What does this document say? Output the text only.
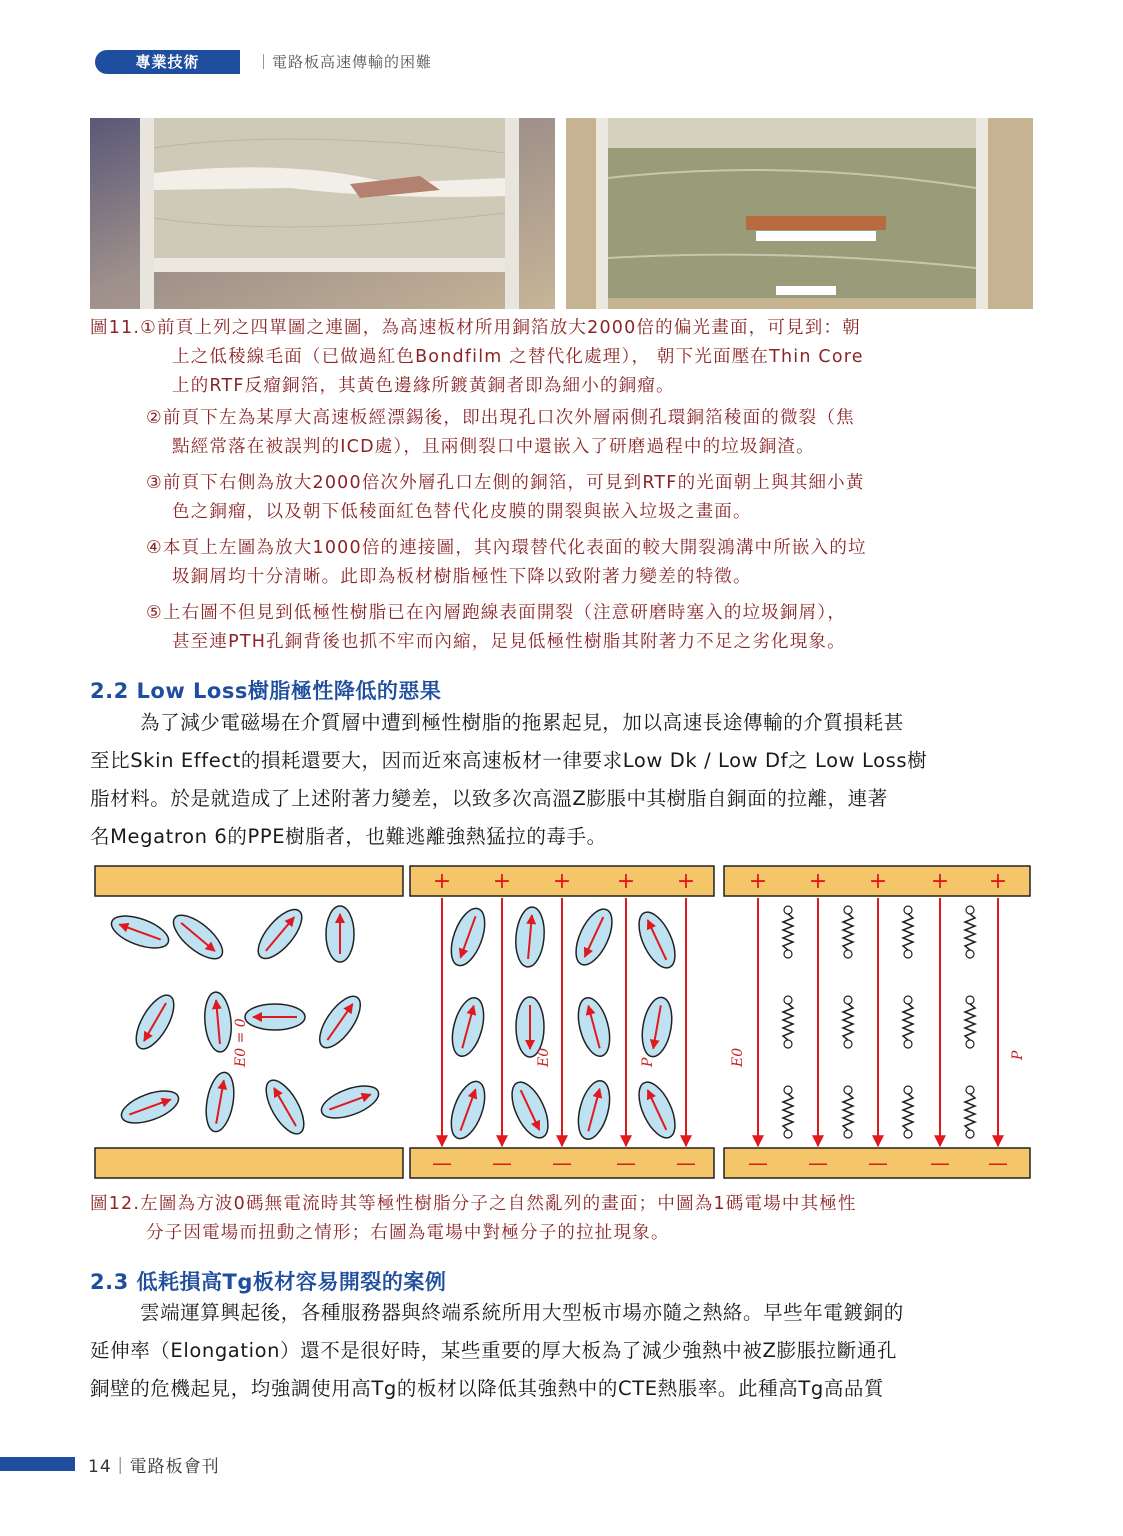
專業技術	｜電路板高速傳輸的困難
圖11.①前頁上列之四單圖之連圖，為高速板材所用銅箔放大2000倍的偏光畫面，可見到：朝
上之低稜線毛面（已做過紅色Bondfilm 之替代化處理）， 朝下光面壓在Thin Core
上的RTF反瘤銅箔，其黃色邊緣所鍍黃銅者即為細小的銅瘤。
②前頁下左為某厚大高速板經漂錫後，即出現孔口次外層兩側孔環銅箔稜面的微裂（焦
點經常落在被誤判的ICD處），且兩側裂口中還嵌入了研磨過程中的垃圾銅渣。
③前頁下右側為放大2000倍次外層孔口左側的銅箔，可見到RTF的光面朝上與其細小黃
色之銅瘤，以及朝下低稜面紅色替代化皮膜的開裂與嵌入垃圾之畫面。
④本頁上左圖為放大1000倍的連接圖，其內環替代化表面的較大開裂鴻溝中所嵌入的垃
圾銅屑均十分清晰。此即為板材樹脂極性下降以致附著力變差的特徵。
⑤上右圖不但見到低極性樹脂已在內層跑線表面開裂（注意研磨時塞入的垃圾銅屑），
甚至連PTH孔銅背後也抓不牢而內縮，足見低極性樹脂其附著力不足之劣化現象。
2.2 Low Loss樹脂極性降低的惡果
為了減少電磁場在介質層中遭到極性樹脂的拖累起見，加以高速長途傳輸的介質損耗甚
至比Skin Effect的損耗還要大，因而近來高速板材一律要求Low Dk / Low Df之 Low Loss樹
脂材料。於是就造成了上述附著力變差，以致多次高溫Z膨脹中其樹脂自銅面的拉離，連著
名Megatron 6的PPE樹脂者，也難逃離強熱猛拉的毒手。
+
—
+
—
+
—
+
—
+
—
+
—
+
—
+
—
+
—
+
—
E0 = 0	E0	P	E0	P
圖12.左圖為方波0碼無電流時其等極性樹脂分子之自然亂列的畫面；中圖為1碼電場中其極性
分子因電場而扭動之情形；右圖為電場中對極分子的拉扯現象。
2.3 低耗損高Tg板材容易開裂的案例
雲端運算興起後，各種服務器與終端系統所用大型板市場亦隨之熱絡。早些年電鍍銅的
延伸率（Elongation）還不是很好時，某些重要的厚大板為了減少強熱中被Z膨脹拉斷通孔
銅壁的危機起見，均強調使用高Tg的板材以降低其強熱中的CTE熱脹率。此種高Tg高品質
14｜電路板會刊
